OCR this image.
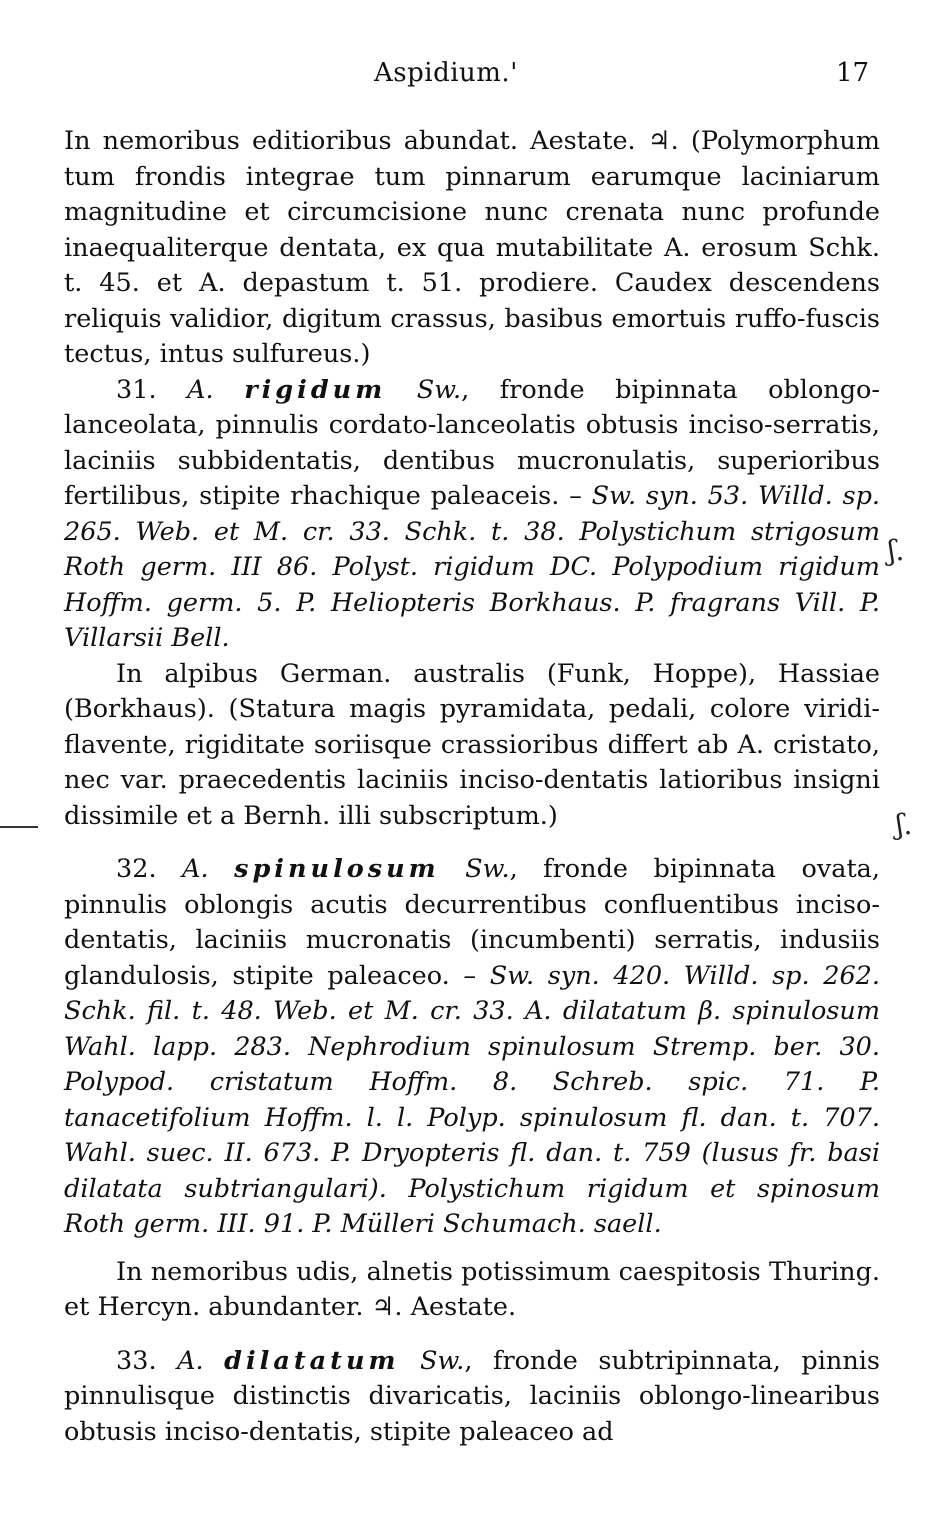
Aspidium.'	17
ʃ.
ʃ.

In nemoribus editioribus abundat. Aestate. ♃. (Polymorphum tum frondis integrae tum pinnarum earumque laciniarum magnitudine et circumcisione nunc crenata nunc profunde inaequaliterque dentata, ex qua mutabilitate A. erosum Schk. t. 45. et A. depastum t. 51. prodiere. Caudex descendens reliquis validior, digitum crassus, basibus emortuis ruffo-fuscis tectus, intus sulfureus.)

31. A. rigidum Sw., fronde bipinnata oblongo-lanceolata, pinnulis cordato-lanceolatis obtusis inciso-serratis, laciniis subbidentatis, dentibus mucronulatis, superioribus fertilibus, stipite rhachique paleaceis. – Sw. syn. 53. Willd. sp. 265. Web. et M. cr. 33. Schk. t. 38. Polystichum strigosum Roth germ. III 86. Polyst. rigidum DC. Polypodium rigidum Hoffm. germ. 5. P. Heliopteris Borkhaus. P. fragrans Vill. P. Villarsii Bell.

In alpibus German. australis (Funk, Hoppe), Hassiae (Borkhaus). (Statura magis pyramidata, pedali, colore viridi-flavente, rigiditate soriisque crassioribus differt ab A. cristato, nec var. praecedentis laciniis inciso-dentatis latioribus insigni dissimile et a Bernh. illi subscriptum.)

32. A. spinulosum Sw., fronde bipinnata ovata, pinnulis oblongis acutis decurrentibus confluentibus inciso-dentatis, laciniis mucronatis (incumbenti) serratis, indusiis glandulosis, stipite paleaceo. – Sw. syn. 420. Willd. sp. 262. Schk. fil. t. 48. Web. et M. cr. 33. A. dilatatum β. spinulosum Wahl. lapp. 283. Nephrodium spinulosum Stremp. ber. 30. Polypod. cristatum Hoffm. 8. Schreb. spic. 71. P. tanacetifolium Hoffm. l. l. Polyp. spinulosum fl. dan. t. 707. Wahl. suec. II. 673. P. Dryopteris fl. dan. t. 759 (lusus fr. basi dilatata subtriangulari). Polystichum rigidum et spinosum Roth germ. III. 91. P. Mülleri Schumach. saell.

In nemoribus udis, alnetis potissimum caespitosis Thuring. et Hercyn. abundanter. ♃. Aestate.

33. A. dilatatum Sw., fronde subtripinnata, pinnis pinnulisque distinctis divaricatis, laciniis oblongo-linearibus obtusis inciso-dentatis, stipite paleaceo ad
